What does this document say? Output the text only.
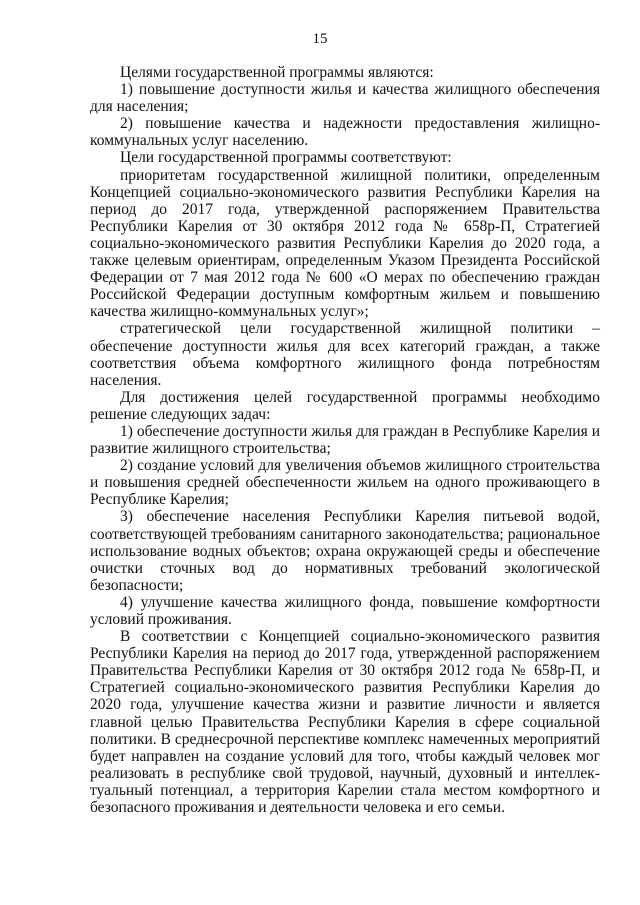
15

Целями государственной программы являются:

1) повышение доступности жилья и качества жилищного обеспечения для населения;

2) повышение качества и надежности предоставления жилищно-коммунальных услуг населению.

Цели государственной программы соответствуют:

приоритетам государственной жилищной политики, определенным Концепцией социально-экономического развития Республики Карелия на период до 2017 года, утвержденной распоряжением Правительства Республики Карелия от 30 октября 2012 года № 658р-П, Стратегией социально-экономического развития Республики Карелия до 2020 года, а также целевым ориентирам, определенным Указом Президента Российской Федерации от 7 мая 2012 года № 600 «О мерах по обеспечению граждан Российской Федерации доступным комфортным жильем и повышению качества жилищно-коммунальных услуг»;

стратегической цели государственной жилищной политики – обеспечение доступности жилья для всех категорий граждан, а также соответствия объема комфортного жилищного фонда потребностям населения.

Для достижения целей государственной программы необходимо решение следующих задач:

1) обеспечение доступности жилья для граждан в Республике Карелия и развитие жилищного строительства;

2) создание условий для увеличения объемов жилищного строительства и повышения средней обеспеченности жильем на одного проживающего в Республике Карелия;

3) обеспечение населения Республики Карелия питьевой водой, соответствующей требованиям санитарного законодательства; рациональное использование водных объектов; охрана окружающей среды и обеспечение очистки сточных вод до нормативных требований экологической безопасности;

4) улучшение качества жилищного фонда, повышение комфортности условий проживания.

В соответствии с Концепцией социально-экономического развития Республики Карелия на период до 2017 года, утвержденной распоряжением Правительства Республики Карелия от 30 октября 2012 года № 658р-П, и Стратегией социально-экономического развития Республики Карелия до 2020 года, улучшение качества жизни и развитие личности и является главной целью Правительства Республики Карелия в сфере социальной политики. В среднесрочной перспективе комплекс намеченных мероприятий будет направлен на создание условий для того, чтобы каждый человек мог реализовать в республике свой трудовой, научный, духовный и интеллек-туальный потенциал, а территория Карелии стала местом комфортного и безопасного проживания и деятельности человека и его семьи.
